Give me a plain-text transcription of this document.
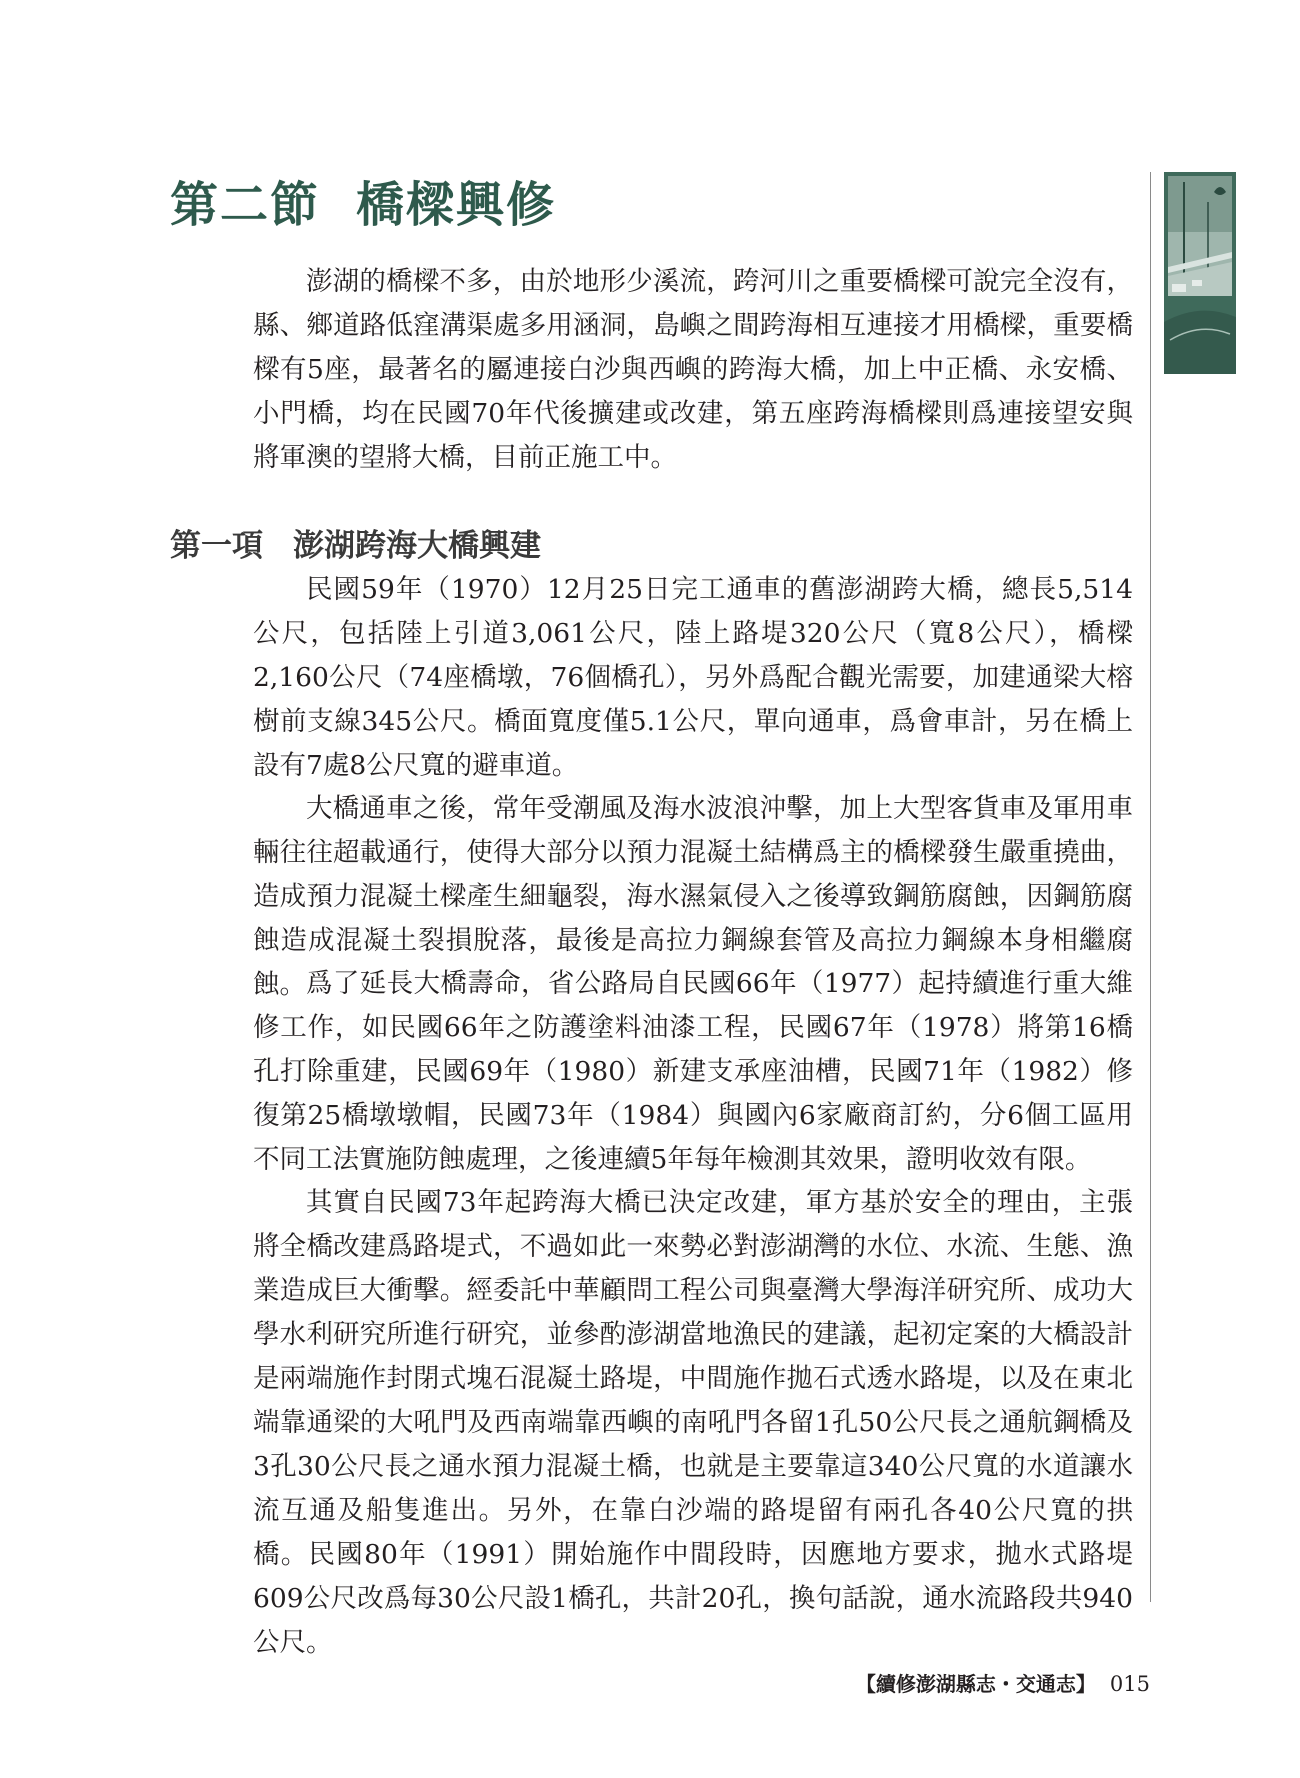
第二節 橋樑興修

澎湖的橋樑不多，由於地形少溪流，跨河川之重要橋樑可說完全沒有，縣、鄉道路低窪溝渠處多用涵洞，島嶼之間跨海相互連接才用橋樑，重要橋樑有5座，最著名的屬連接白沙與西嶼的跨海大橋，加上中正橋、永安橋、小門橋，均在民國70年代後擴建或改建，第五座跨海橋樑則爲連接望安與將軍澳的望將大橋，目前正施工中。

第一項 澎湖跨海大橋興建

民國59年（1970）12月25日完工通車的舊澎湖跨大橋，總長5,514公尺，包括陸上引道3,061公尺，陸上路堤320公尺（寬8公尺），橋樑2,160公尺（74座橋墩，76個橋孔），另外爲配合觀光需要，加建通梁大榕樹前支線345公尺。橋面寬度僅5.1公尺，單向通車，爲會車計，另在橋上設有7處8公尺寬的避車道。

大橋通車之後，常年受潮風及海水波浪沖擊，加上大型客貨車及軍用車輛往往超載通行，使得大部分以預力混凝土結構爲主的橋樑發生嚴重撓曲，造成預力混凝土樑產生細龜裂，海水濕氣侵入之後導致鋼筋腐蝕，因鋼筋腐蝕造成混凝土裂損脫落，最後是高拉力鋼線套管及高拉力鋼線本身相繼腐蝕。 爲了延長大橋壽命，省公路局自民國66年（1977）起持續進行重大維修工作，如民國66年之防護塗料油漆工程，民國67年（1978）將第16橋孔打除重建，民國69年（1980）新建支承座油槽，民國71年（1982）修復第25橋墩墩帽，民國73年（1984）與國內6家廠商訂約，分6個工區用不同工法實施防蝕處理，之後連續5年每年檢測其效果，證明收效有限。

其實自民國73年起跨海大橋已決定改建，軍方基於安全的理由，主張將全橋改建爲路堤式，不過如此一來勢必對澎湖灣的水位、水流、生態、漁業造成巨大衝擊。經委託中華顧問工程公司與臺灣大學海洋研究所、成功大學水利研究所進行研究，並參酌澎湖當地漁民的建議，起初定案的大橋設計是兩端施作封閉式塊石混凝土路堤，中間施作拋石式透水路堤，以及在東北端靠通梁的大吼門及西南端靠西嶼的南吼門各留1孔50公尺長之通航鋼橋及3孔30公尺長之通水預力混凝土橋，也就是主要靠這340公尺寬的水道讓水流互通及船隻進出。另外，在靠白沙端的路堤留有兩孔各40公尺寬的拱橋。民國80年（1991）開始施作中間段時，因應地方要求，拋水式路堤609公尺改爲每30公尺設1橋孔，共計20孔，換句話說，通水流路段共940公尺。

【續修澎湖縣志・交通志】 015
